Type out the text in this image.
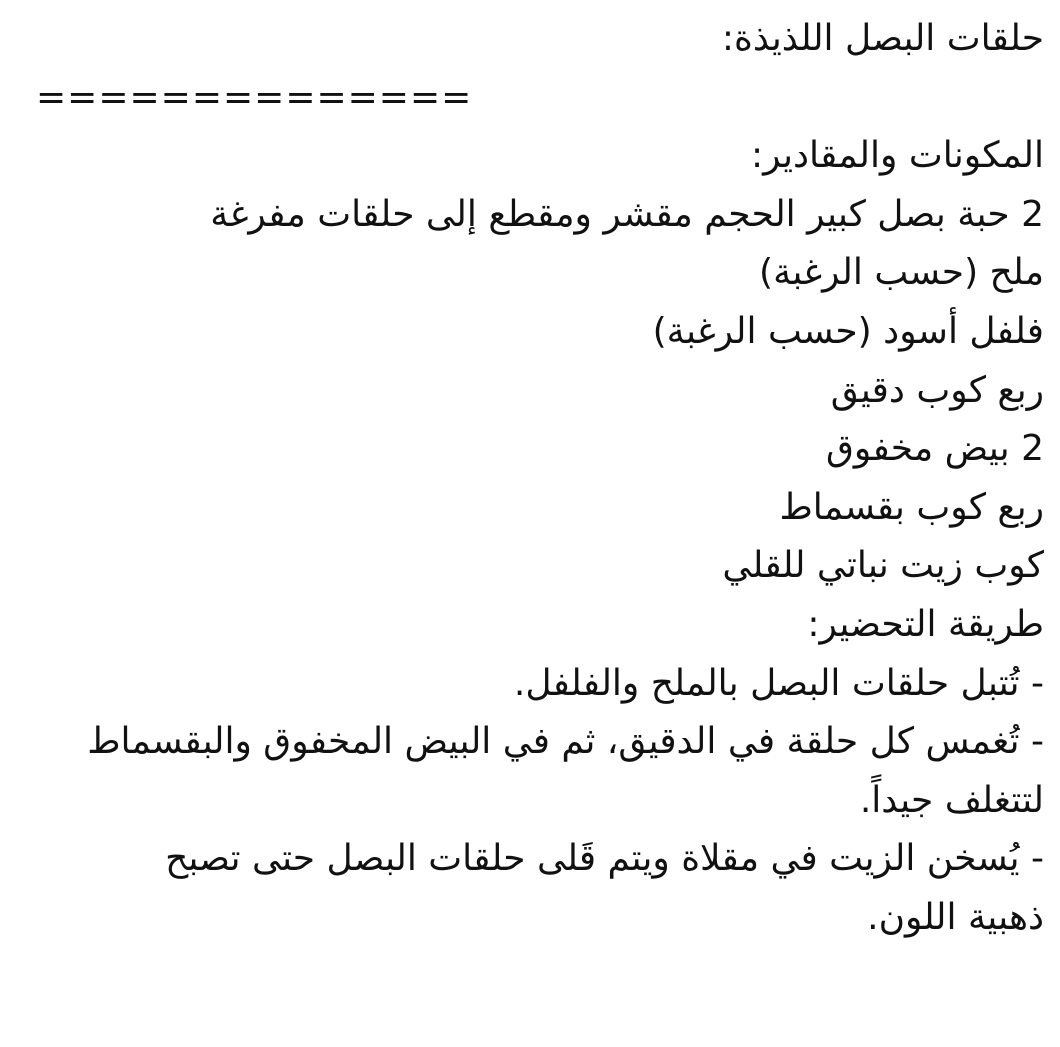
حلقات البصل اللذيذة:
==============
المكونات والمقادير:
2 حبة بصل كبير الحجم مقشر ومقطع إلى حلقات مفرغة
ملح (حسب الرغبة)
فلفل أسود (حسب الرغبة)
ربع كوب دقيق
2 بيض مخفوق
ربع كوب بقسماط
كوب زيت نباتي للقلي
طريقة التحضير:
- تُتبل حلقات البصل بالملح والفلفل.
- تُغمس كل حلقة في الدقيق، ثم في البيض المخفوق والبقسماط
لتتغلف جيداً.
- يُسخن الزيت في مقلاة ويتم قَلى حلقات البصل حتى تصبح
ذهبية اللون.
